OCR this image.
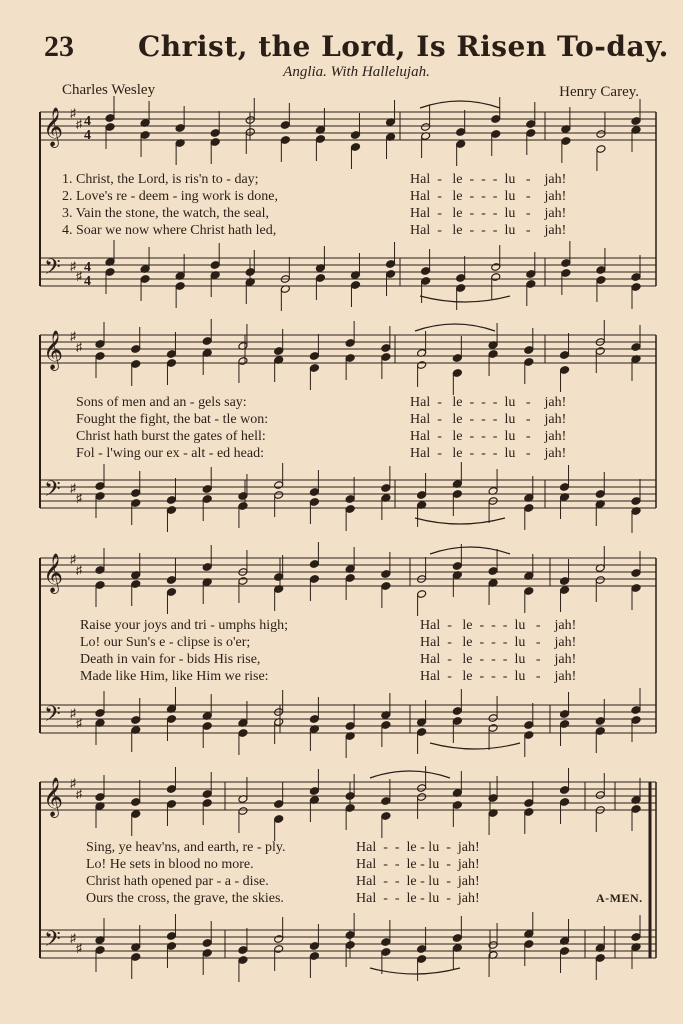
23 Christ, the Lord, Is Risen To-day.
Anglia. With Hallelujah.
Charles Wesley	Henry Carey.
𝄞
𝄢
♯
♯
♯
♯
4
4
4
4
𝄞
𝄢
♯
♯
♯
♯
𝄞
𝄢
♯
♯
♯
♯
𝄞
𝄢
♯
♯
♯
♯
1. Christ, the Lord, is ris'n to - day;	Hal  -   le  -  -  -  lu   -    jah!
2. Love's re - deem - ing work is done,	Hal  -   le  -  -  -  lu   -    jah!
3. Vain the stone, the watch, the seal,	Hal  -   le  -  -  -  lu   -    jah!
4. Soar we now where Christ hath led,	Hal  -   le  -  -  -  lu   -    jah!
Sons of men and an - gels say:	Hal  -   le  -  -  -  lu   -    jah!
Fought the fight, the bat - tle won:	Hal  -   le  -  -  -  lu   -    jah!
Christ hath burst the gates of hell:	Hal  -   le  -  -  -  lu   -    jah!
Fol - l'wing our ex - alt - ed head:	Hal  -   le  -  -  -  lu   -    jah!
Raise your joys and tri - umphs high;	Hal  -   le  -  -  -  lu   -    jah!
Lo! our Sun's e - clipse is o'er;	Hal  -   le  -  -  -  lu   -    jah!
Death in vain for - bids His rise,	Hal  -   le  -  -  -  lu   -    jah!
Made like Him, like Him we rise:	Hal  -   le  -  -  -  lu   -    jah!
Sing, ye heav'ns, and earth, re - ply.	Hal  -  -  le - lu  -  jah!
Lo! He sets in blood no more.	Hal  -  -  le - lu  -  jah!
Christ hath opened par - a - dise.	Hal  -  -  le - lu  -  jah!
Ours the cross, the grave, the skies.	Hal  -  -  le - lu  -  jah!	A-MEN.
